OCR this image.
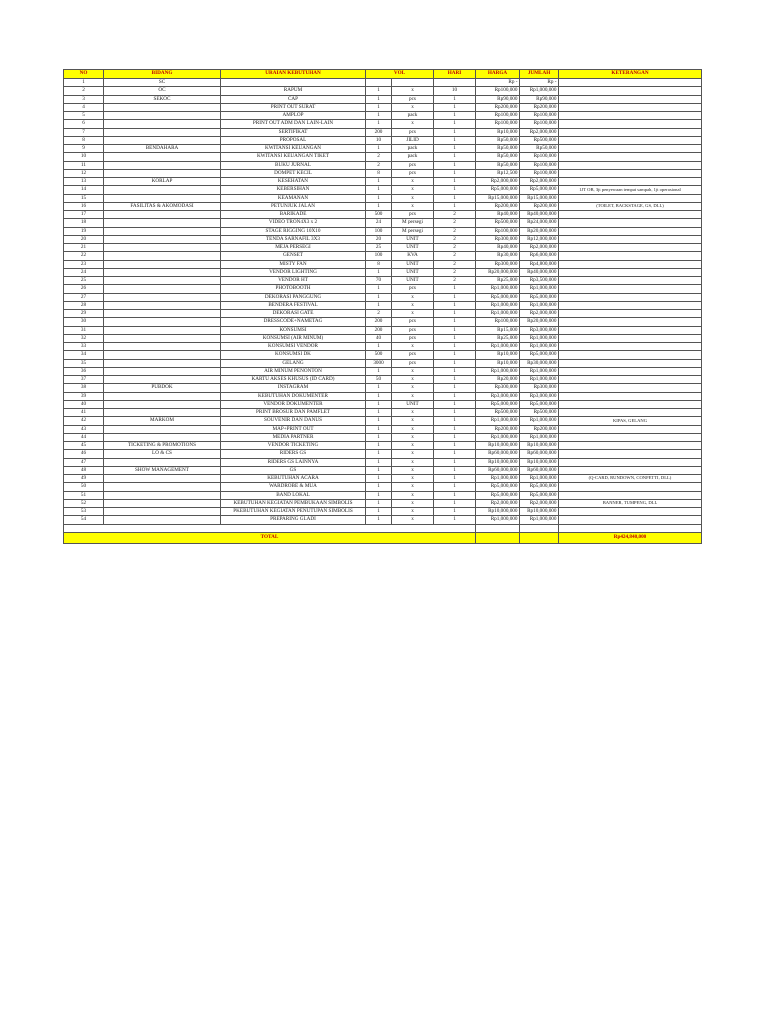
NO	BIDANG	URAIAN KEBUTUHAN	VOL		HARI	HARGA	JUMLAH	KETERANGAN
1	SC					Rp -	Rp -	
2	OC	RAPUM	1	x	10	Rp100,000	Rp1,000,000	
3	SEKOC	CAP	1	pcs	1	Rp90,000	Rp90,000	
4		PRINT OUT SURAT	1	x	1	Rp200,000	Rp200,000	
5		AMPLOP	1	pack	1	Rp100,000	Rp100,000	
6		PRINT OUT ADM DAN LAIN-LAIN	1	x	1	Rp100,000	Rp100,000	
7		SERTIFIKAT	200	pcs	1	Rp10,000	Rp2,000,000	
8		PROPOSAL	10	JILID	1	Rp50,000	Rp500,000	
9	BENDAHARA	KWITANSI KEUANGAN	1	pack	1	Rp50,000	Rp50,000	
10		KWITANSI KEUANGAN TIKET	2	pack	1	Rp50,000	Rp100,000	
11		BUKU JURNAL	2	pcs	1	Rp50,000	Rp100,000	
12		DOMPET KECIL	8	pcs	1	Rp12,500	Rp100,000	
13	KORLAP	KESEHATAN	1	x	1	Rp2,000,000	Rp2,000,000	
14		KEBERSIHAN	1	x	1	Rp5,000,000	Rp5,000,000	1JT OB, 3jt penyewaan tempat sampah, 1jt operasional
15		KEAMANAN	1	x	1	Rp15,000,000	Rp15,000,000	
16	FASILITAS & AKOMODASI	PETUNJUK JALAN	1	x	1	Rp200,000	Rp200,000	(TOILET, BACKSTAGE, GS, DLL)
17		BARIKADE	500	pcs	2	Rp40,000	Rp40,000,000	
18		VIDEO TRON4X3 x 2	24	M persegi	2	Rp500,000	Rp24,000,000	
19		STAGE RIGGING 10X10	100	M persegi	2	Rp100,000	Rp20,000,000	
20		TENDA SARNAFIL 3X3	20	UNIT	2	Rp300,000	Rp12,000,000	
21		MEJA PERSEGI	25	UNIT	2	Rp40,000	Rp2,000,000	
22		GENSET	100	KVA	2	Rp30,000	Rp6,000,000	
23		MISTY FAN	8	UNIT	2	Rp300,000	Rp4,800,000	
24		VENDOR LIGHTING	1	UNIT	2	Rp20,000,000	Rp40,000,000	
25		VENDOR HT	70	UNIT	2	Rp25,000	Rp3,500,000	
26		PHOTOBOOTH	1	pcs	1	Rp1,000,000	Rp1,000,000	
27		DEKORASI PANGGUNG	1	x	1	Rp5,000,000	Rp5,000,000	
28		BENDERA FESTIVAL	1	x	1	Rp1,000,000	Rp1,000,000	
29		DEKORASI GATE	2	x	1	Rp1,000,000	Rp2,000,000	
30		DRESSCODE+NAMETAG	200	pcs	1	Rp100,000	Rp20,000,000	
31		KONSUMSI	200	pcs	1	Rp15,000	Rp3,000,000	
32		KONSUMSI (AIR MINUM)	40	pcs	1	Rp25,000	Rp1,000,000	
33		KONSUMSI VENDOR	1	x	1	Rp1,000,000	Rp1,000,000	
34		KONSUMSI DK	500	pcs	1	Rp10,000	Rp5,000,000	
35		GELANG	3000	pcs	1	Rp10,000	Rp30,000,000	
36		AIR MINUM PENONTON	1	x	1	Rp1,000,000	Rp1,000,000	
37		KARTU AKSES KHUSUS (ID CARD)	50	x	1	Rp20,000	Rp1,000,000	
38	PUBDOK	INSTAGRAM	1	x	1	Rp300,000	Rp300,000	
39		KEBUTUHAN DOKUMENTER	1	x	1	Rp3,000,000	Rp3,000,000	
40		VENDOR DOKUMENTER	1	UNIT	1	Rp5,000,000	Rp5,000,000	
41		PRINT BROSUR DAN PAMFLET	1	x	1	Rp500,000	Rp500,000	
42	MARKOM	SOUVENIR DAN DANUS	1	x	1	Rp1,000,000	Rp1,000,000	KIPAS, GELANG
43		MAP+PRINT OUT	1	x	1	Rp200,000	Rp200,000	
44		MEDIA PARTNER	1	x	1	Rp1,000,000	Rp1,000,000	
45	TICKETING & PROMOTIONS	VENDOR TICKETING	1	x	1	Rp10,000,000	Rp10,000,000	
46	LO & CS	RIDERS GS	1	x	1	Rp60,000,000	Rp60,000,000	
47		RIDERS GS LAINNYA	1	x	1	Rp10,000,000	Rp10,000,000	
48	SHOW MANAGEMENT	GS	1	x	1	Rp60,000,000	Rp60,000,000	
49		KEBUTUHAN ACARA	1	x	1	Rp1,000,000	Rp1,000,000	(Q-CARD, RUNDOWN, CONFETTI, DLL)
50		WARDROBE & MUA	1	x	1	Rp5,000,000	Rp5,000,000	
51		BAND LOKAL	1	x	1	Rp5,000,000	Rp5,000,000	
52		KEBUTUHAN KEGIATAN PEMBUKAAN SIMBOLIS	1	x	1	Rp2,000,000	Rp2,000,000	BANNER, TUMPENG, DLL
53		PKEBUTUHAN KEGIATAN PENUTUPAN SIMBOLIS	1	x	1	Rp10,000,000	Rp10,000,000	
54		PREPARING GLADI	1	x	1	Rp1,000,000	Rp1,000,000	

TOTAL								Rp424,840,000
